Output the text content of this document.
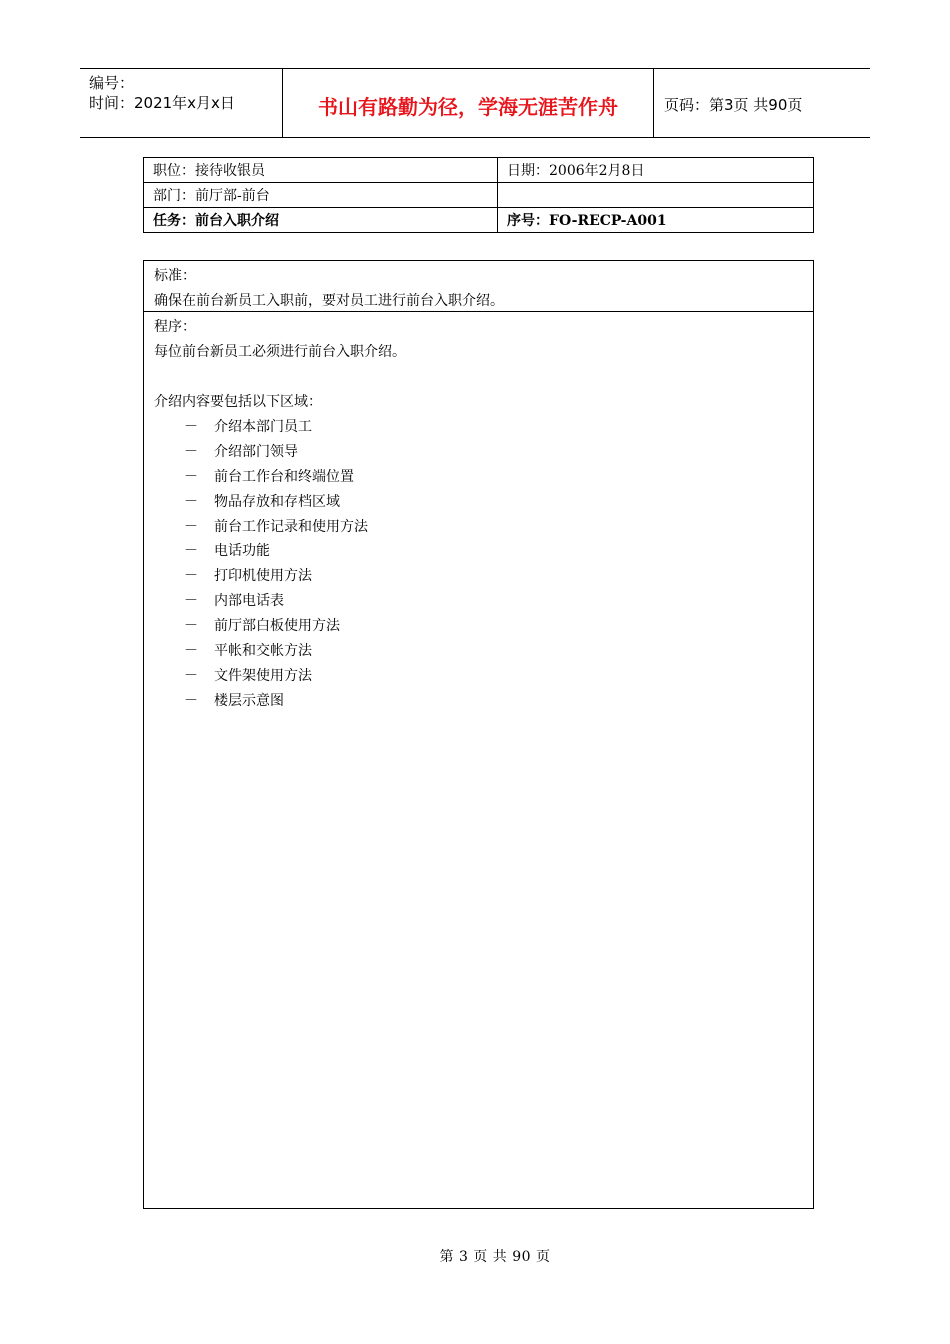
编号：
时间：2021年x月x日	书山有路勤为径，学海无涯苦作舟	页码：第3页 共90页
职位：接待收银员	日期：2006年2月8日
部门：前厅部-前台	
任务：前台入职介绍	序号：FO-RECP-A001
标准：
确保在前台新员工入职前，要对员工进行前台入职介绍。
程序：
每位前台新员工必须进行前台入职介绍。
介绍内容要包括以下区域：
－	介绍本部门员工
－	介绍部门领导
－	前台工作台和终端位置
－	物品存放和存档区域
－	前台工作记录和使用方法
－	电话功能
－	打印机使用方法
－	内部电话表
－	前厅部白板使用方法
－	平帐和交帐方法
－	文件架使用方法
－	楼层示意图
第 3 页 共 90 页
